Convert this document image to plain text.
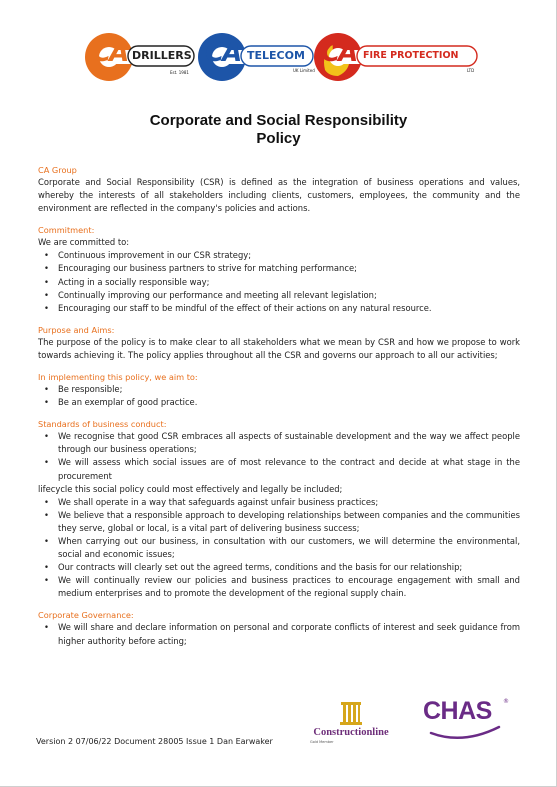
CA DRILLERS
Est. 1981
CA TELECOM
UK Limited
CA FIRE PROTECTION
LTD
Corporate and Social Responsibility
Policy

CA Group

Corporate and Social Responsibility (CSR) is defined as the integration of business operations and values, whereby the interests of all stakeholders including clients, customers, employees, the community and the environment are reflected in the company's policies and actions.

Commitment:

We are committed to:

• Continuous improvement in our CSR strategy;
• Encouraging our business partners to strive for matching performance;
• Acting in a socially responsible way;
• Continually improving our performance and meeting all relevant legislation;
• Encouraging our staff to be mindful of the effect of their actions on any natural resource.

Purpose and Aims:

The purpose of the policy is to make clear to all stakeholders what we mean by CSR and how we propose to work towards achieving it. The policy applies throughout all the CSR and governs our approach to all our activities;

In implementing this policy, we aim to:

• Be responsible;
• Be an exemplar of good practice.

Standards of business conduct:

• We recognise that good CSR embraces all aspects of sustainable development and the way we affect people through our business operations;
• We will assess which social issues are of most relevance to the contract and decide at what stage in the procurement

lifecycle this social policy could most effectively and legally be included;

• We shall operate in a way that safeguards against unfair business practices;
• We believe that a responsible approach to developing relationships between companies and the communities they serve, global or local, is a vital part of delivering business success;
• When carrying out our business, in consultation with our customers, we will determine the environmental, social and economic issues;
• Our contracts will clearly set out the agreed terms, conditions and the basis for our relationship;
• We will continually review our policies and business practices to encourage engagement with small and medium enterprises and to promote the development of the regional supply chain.

Corporate Governance:

• We will share and declare information on personal and corporate conflicts of interest and seek guidance from higher authority before acting;
Version 2 07/06/22 Document 28005 Issue 1 Dan Earwaker
Constructionline
Gold Member
CHAS ®
